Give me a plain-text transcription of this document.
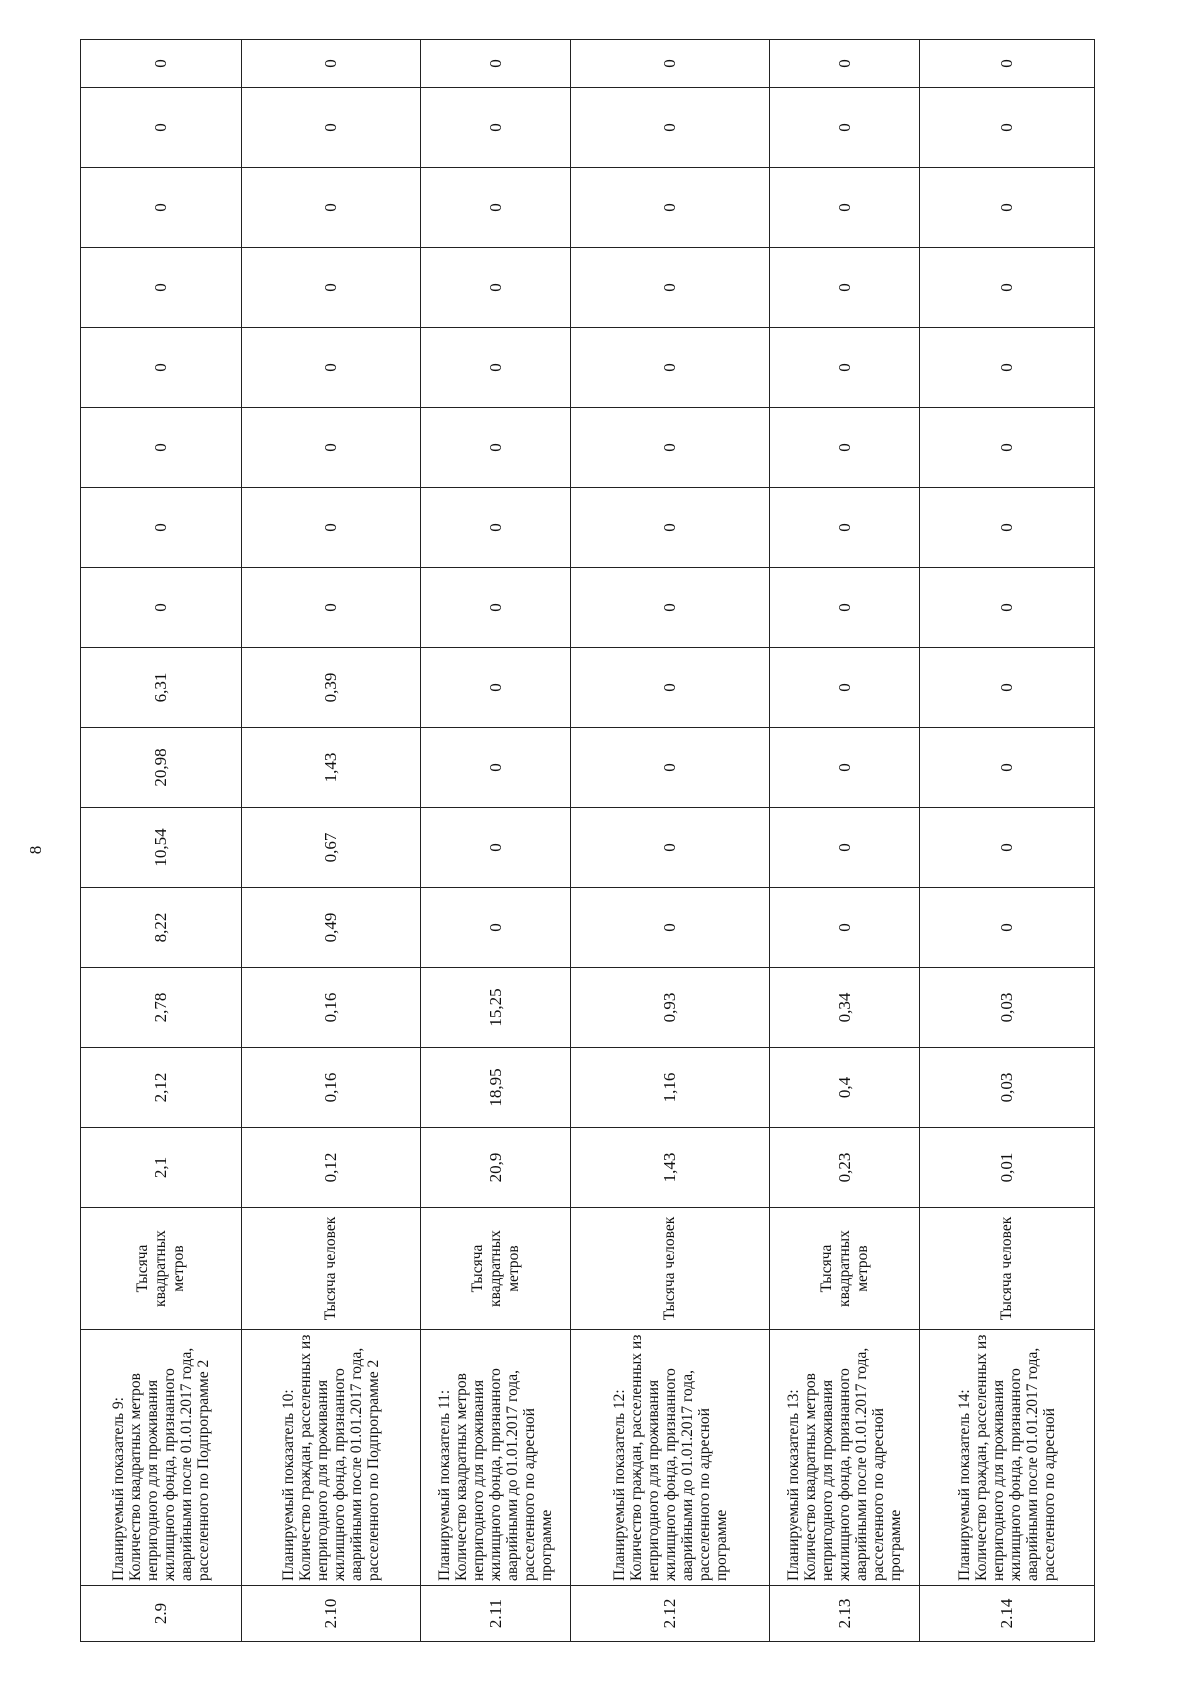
8
2.9	Планируемый показатель 9: Количество квадратных метров непригодного для проживания жилищного фонда, признанного аварийными после 01.01.2017 года, расселенного по Подпрограмме 2	Тысяча квадратных метров	2,1	2,12	2,78	8,22	10,54	20,98	6,31	0	0	0	0	0	0	0	0	
2.10	Планируемый показатель 10: Количество граждан, расселенных из непригодного для проживания жилищного фонда, признанного аварийными после 01.01.2017 года, расселенного по Подпрограмме 2	Тысяча человек	0,12	0,16	0,16	0,49	0,67	1,43	0,39	0	0	0	0	0	0	0	0	
2.11	Планируемый показатель 11: Количество квадратных метров непригодного для проживания жилищного фонда, признанного аварийными до 01.01.2017 года, расселенного по адресной программе	Тысяча квадратных метров	20,9	18,95	15,25	0	0	0	0	0	0	0	0	0	0	0	0	
2.12	Планируемый показатель 12: Количество граждан, расселенных из непригодного для проживания жилищного фонда, признанного аварийными до 01.01.2017 года, расселенного по адресной программе	Тысяча человек	1,43	1,16	0,93	0	0	0	0	0	0	0	0	0	0	0	0	
2.13	Планируемый показатель 13: Количество квадратных метров непригодного для проживания жилищного фонда, признанного аварийными после 01.01.2017 года, расселенного по адресной программе	Тысяча квадратных метров	0,23	0,4	0,34	0	0	0	0	0	0	0	0	0	0	0	0	
2.14	Планируемый показатель 14: Количество граждан, расселенных из непригодного для проживания жилищного фонда, признанного аварийными после 01.01.2017 года, расселенного по адресной	Тысяча человек	0,01	0,03	0,03	0	0	0	0	0	0	0	0	0	0	0	0	
